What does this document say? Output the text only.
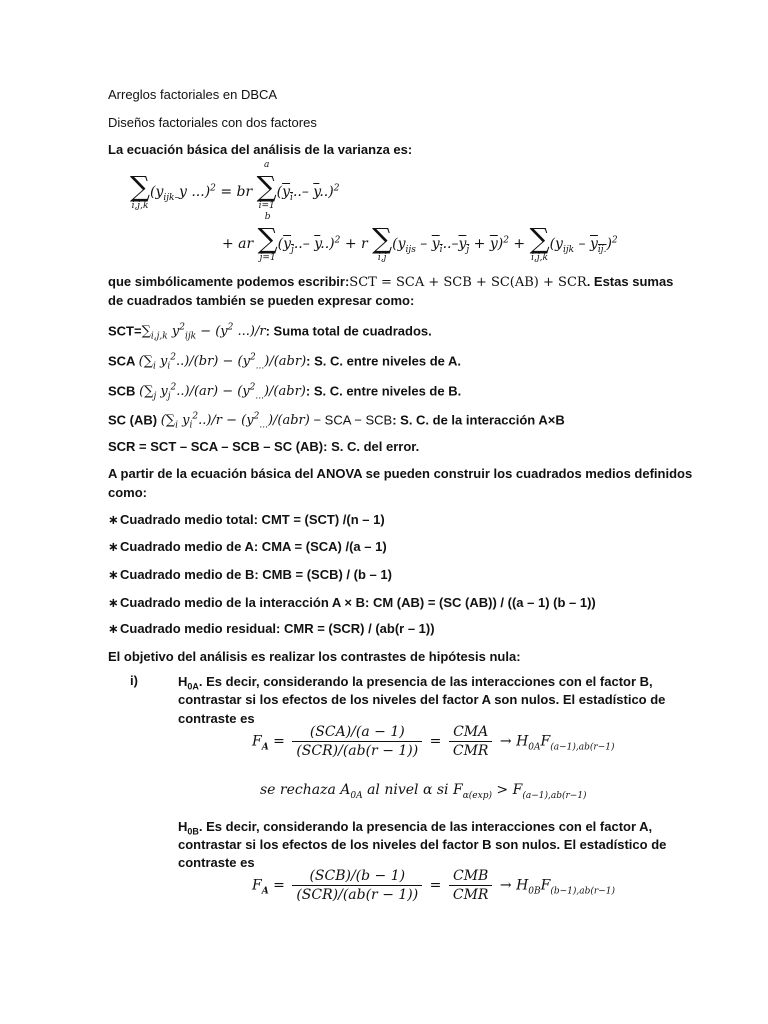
Arreglos factoriales en DBCA
Diseños factoriales con dos factores
La ecuación básica del análisis de la varianza es:
∑
i,j,k
($y_{ijk-}y$ ...)$^2$ = br ∑
a
i=1
($y_i..-$ $\overline{y}..)^2$
+ ar ∑
b
j=1
($y_j..-$ $\overline{y}..)^2 + r$ ∑
i,j
$(y_{ijs} - y_i..-y_j + \overline{y})^2$ + ∑
i,j,k
$(y_{ijk} - y_{ij.})^2$
que simbólicamente podemos escribir:SCT = SCA + SCB + SC(AB) + SCR. Estas sumas
de cuadrados también se pueden expresar como:
$SCT=\sum_{i,j,k}$ $y^2_{ijk} - (y^2$ ...)/r: Suma total de cuadrados.
SCA ($\sum_i$ $y_i^2..)/(br) - (y^2_{...})/(abr)$: S. C. entre niveles de A.
SCB ($\sum_j$ $y_j^2..)/(ar) - (y^2_{...})/(abr)$: S. C. entre niveles de B.
SC (AB) ($\sum_i$ $y_i^2..)/r - (y^2_{...})/(abr)$ − SCA − SCB: S. C. de la interacción A×B
SCR = SCT – SCA – SCB – SC (AB): S. C. del error.
A partir de la ecuación básica del ANOVA se pueden construir los cuadrados medios definidos
como:
∗Cuadrado medio total: CMT = (SCT) /(n – 1)
∗Cuadrado medio de A: CMA = (SCA) /(a – 1)
∗Cuadrado medio de B: CMB = (SCB) / (b – 1)
∗Cuadrado medio de la interacción A × B: CM (AB) = (SC (AB)) / ((a – 1) (b – 1))
∗Cuadrado medio residual: CMR = (SCR) / (ab(r – 1))
El objetivo del análisis es realizar los contrastes de hipótesis nula:
i)	$H_{0A}$. Es decir, considerando la presencia de las interacciones con el factor B,
contrastar si los efectos de los niveles del factor A son nulos. El estadístico de
contraste es
$F_A = \frac{\text{(SCA)/(a − 1)}}{\text{(SCR)/(ab(r − 1))}} = \frac{\text{CMA}}{\text{CMR}} \to H_{0A}F_{(a-1),ab(r-1)}$
se rechaza $A_{0A}$ al nivel α si $F_{\alpha(exp)} > F_{(a-1),ab(r-1)}$
$H_{0B}$. Es decir, considerando la presencia de las interacciones con el factor A,
contrastar si los efectos de los niveles del factor B son nulos. El estadístico de
contraste es
$F_A = \frac{\text{(SCB)/(b − 1)}}{\text{(SCR)/(ab(r − 1))}} = \frac{\text{CMB}}{\text{CMR}} \to H_{0B}F_{(b-1),ab(r-1)}$
